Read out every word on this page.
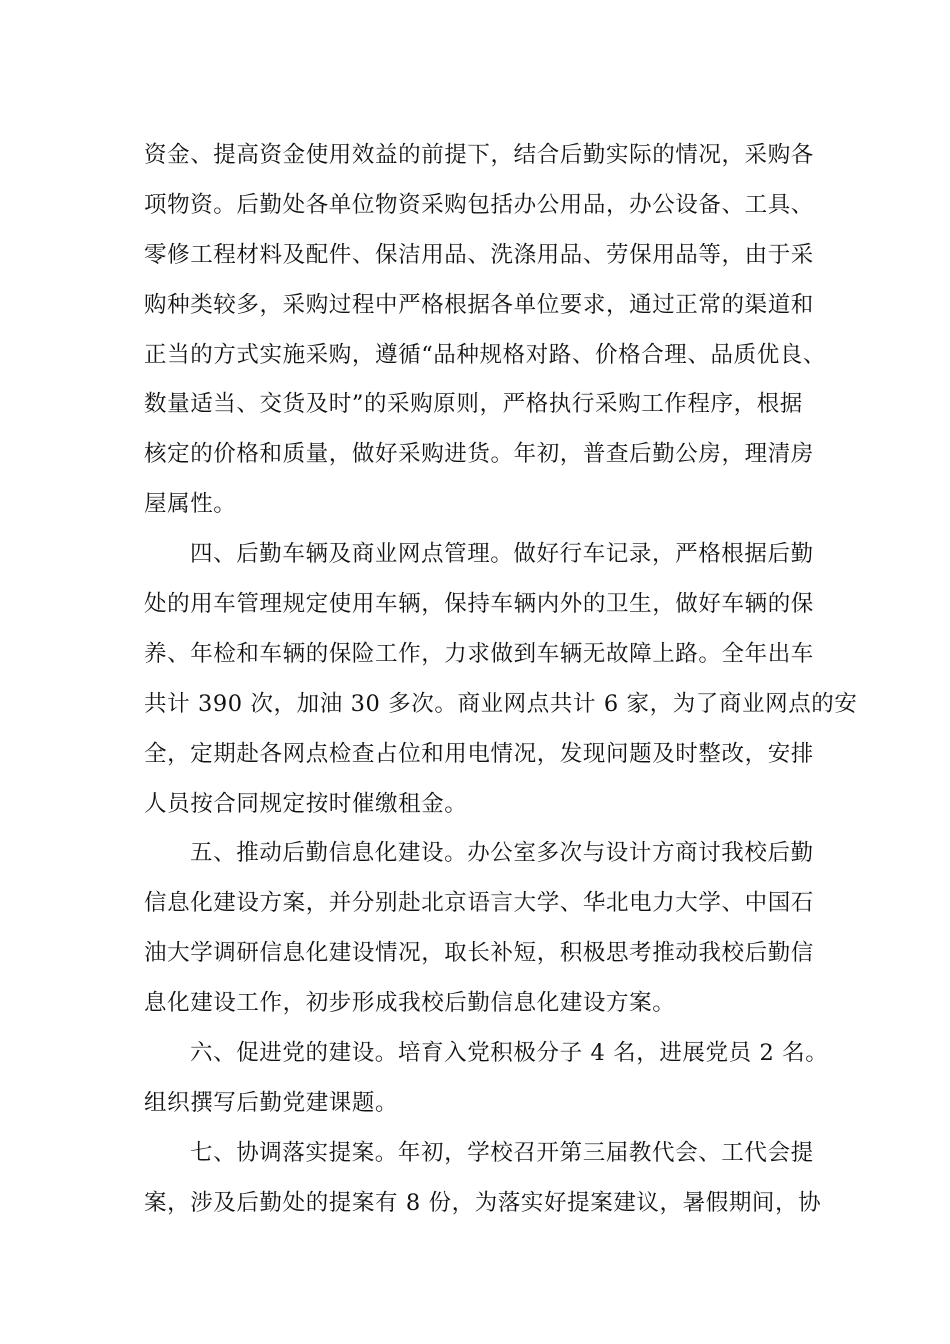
资金、提高资金使用效益的前提下，结合后勤实际的情况，采购各
项物资。后勤处各单位物资采购包括办公用品，办公设备、工具、
零修工程材料及配件、保洁用品、洗涤用品、劳保用品等，由于采
购种类较多，采购过程中严格根据各单位要求，通过正常的渠道和
正当的方式实施采购，遵循“品种规格对路、价格合理、品质优良、
数量适当、交货及时”的采购原则，严格执行采购工作程序，根据
核定的价格和质量，做好采购进货。年初，普查后勤公房，理清房
屋属性。
四、后勤车辆及商业网点管理。做好行车记录，严格根据后勤
处的用车管理规定使用车辆，保持车辆内外的卫生，做好车辆的保
养、年检和车辆的保险工作，力求做到车辆无故障上路。全年出车
共计 390 次，加油 30 多次。商业网点共计 6 家，为了商业网点的安
全，定期赴各网点检查占位和用电情况，发现问题及时整改，安排
人员按合同规定按时催缴租金。
五、推动后勤信息化建设。办公室多次与设计方商讨我校后勤
信息化建设方案，并分别赴北京语言大学、华北电力大学、中国石
油大学调研信息化建设情况，取长补短，积极思考推动我校后勤信
息化建设工作，初步形成我校后勤信息化建设方案。
六、促进党的建设。培育入党积极分子 4 名，进展党员 2 名。
组织撰写后勤党建课题。
七、协调落实提案。年初，学校召开第三届教代会、工代会提
案，涉及后勤处的提案有 8 份，为落实好提案建议，暑假期间，协
